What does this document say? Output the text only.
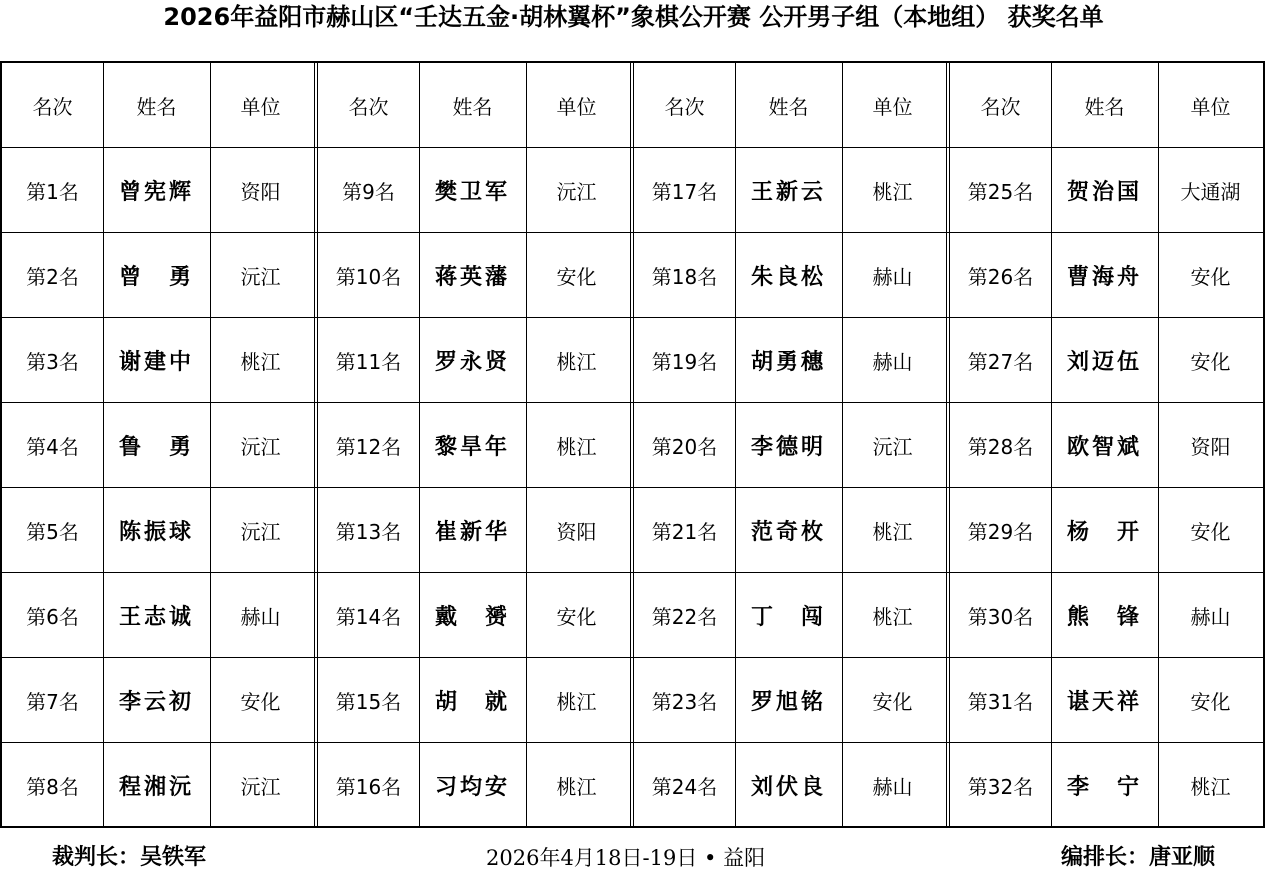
2026年益阳市赫山区“壬达五金·胡林翼杯”象棋公开赛 公开男子组（本地组） 获奖名单
名次	姓名	单位
第1名	曾宪辉	资阳
第2名	曾　勇	沅江
第3名	谢建中	桃江
第4名	鲁　勇	沅江
第5名	陈振球	沅江
第6名	王志诚	赫山
第7名	李云初	安化
第8名	程湘沅	沅江
名次	姓名	单位
第9名	樊卫军	沅江
第10名	蒋英藩	安化
第11名	罗永贤	桃江
第12名	黎旱年	桃江
第13名	崔新华	资阳
第14名	戴　赟	安化
第15名	胡　就	桃江
第16名	习均安	桃江
名次	姓名	单位
第17名	王新云	桃江
第18名	朱良松	赫山
第19名	胡勇穗	赫山
第20名	李德明	沅江
第21名	范奇枚	桃江
第22名	丁　闯	桃江
第23名	罗旭铭	安化
第24名	刘伏良	赫山
名次	姓名	单位
第25名	贺治国	大通湖
第26名	曹海舟	安化
第27名	刘迈伍	安化
第28名	欧智斌	资阳
第29名	杨　开	安化
第30名	熊　锋	赫山
第31名	谌天祥	安化
第32名	李　宁	桃江
裁判长：吴铁军	2026年4月18日-19日 • 益阳	编排长：唐亚顺
